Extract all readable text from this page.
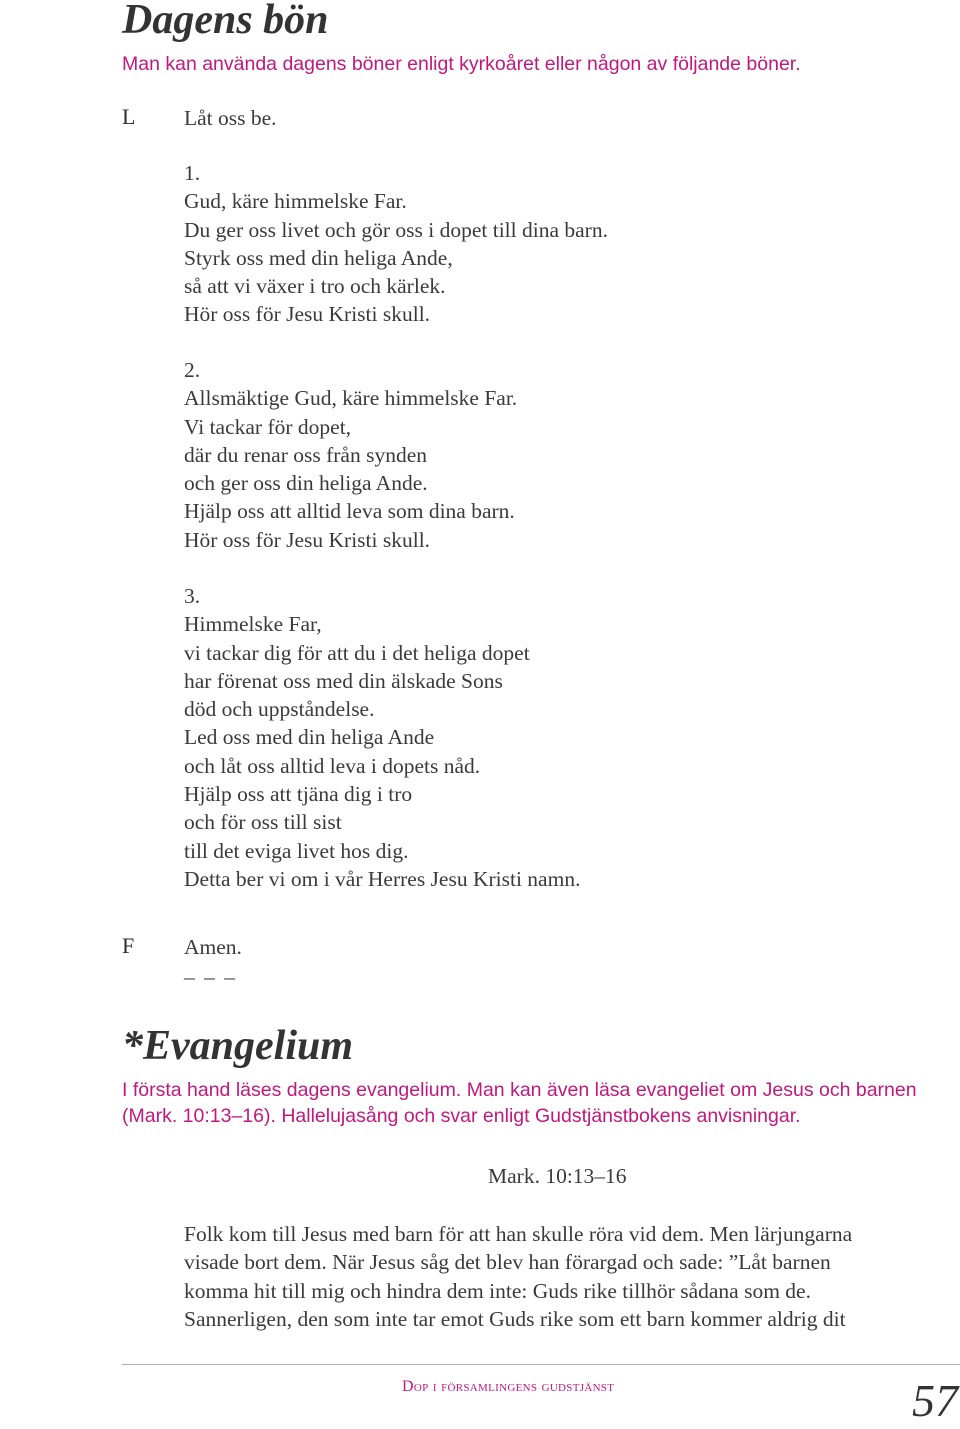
Dagens bön

Man kan använda dagens böner enligt kyrkoåret eller någon av följande böner.

L Låt oss be.
1.
Gud, käre himmelske Far.
Du ger oss livet och gör oss i dopet till dina barn.
Styrk oss med din heliga Ande,
så att vi växer i tro och kärlek.
Hör oss för Jesu Kristi skull.
2.
Allsmäktige Gud, käre himmelske Far.
Vi tackar för dopet,
där du renar oss från synden
och ger oss din heliga Ande.
Hjälp oss att alltid leva som dina barn.
Hör oss för Jesu Kristi skull.
3.
Himmelske Far,
vi tackar dig för att du i det heliga dopet
har förenat oss med din älskade Sons
död och uppståndelse.
Led oss med din heliga Ande
och låt oss alltid leva i dopets nåd.
Hjälp oss att tjäna dig i tro
och för oss till sist
till det eviga livet hos dig.
Detta ber vi om i vår Herres Jesu Kristi namn.
F Amen.
– – –
*Evangelium
I första hand läses dagens evangelium. Man kan även läsa evangeliet om Jesus och barnen
(Mark. 10:13–16). Hallelujasång och svar enligt Gudstjänstbokens anvisningar.
Mark. 10:13–16
Folk kom till Jesus med barn för att han skulle röra vid dem. Men lärjungarna
visade bort dem. När Jesus såg det blev han förargad och sade: ”Låt barnen
komma hit till mig och hindra dem inte: Guds rike tillhör sådana som de.
Sannerligen, den som inte tar emot Guds rike som ett barn kommer aldrig dit
Dop i församlingens gudstjänst	57
